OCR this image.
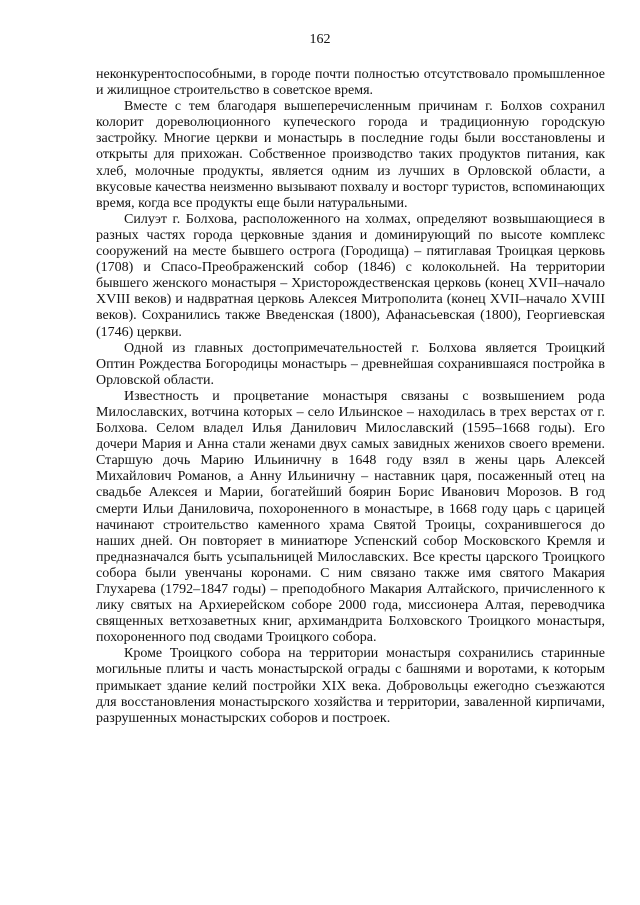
162

неконкурентоспособными, в городе почти полностью отсутствовало промышленное и жилищное строительство в советское время.

Вместе с тем благодаря вышеперечисленным причинам г. Болхов сохранил колорит дореволюционного купеческого города и традиционную городскую застройку. Многие церкви и монастырь в последние годы были восстановлены и открыты для прихожан. Собственное производство таких продуктов питания, как хлеб, молочные продукты, является одним из лучших в Орловской области, а вкусовые качества неизменно вызывают похвалу и восторг туристов, вспоминающих время, когда все продукты еще были натуральными.

Силуэт г. Болхова, расположенного на холмах, определяют возвышающиеся в разных частях города церковные здания и доминирующий по высоте комплекс сооружений на месте бывшего острога (Городища) – пятиглавая Троицкая церковь (1708) и Спасо-Преображенский собор (1846) с колокольней. На территории бывшего женского монастыря – Христорождественская церковь (конец XVII–начало XVIII веков) и надвратная церковь Алексея Митрополита (конец XVII–начало XVIII веков). Сохранились также Введенская (1800), Афанасьевская (1800), Георгиевская (1746) церкви.

Одной из главных достопримечательностей г. Болхова является Троицкий Оптин Рождества Богородицы монастырь – древнейшая сохранившаяся постройка в Орловской области.

Известность и процветание монастыря связаны с возвышением рода Милославских, вотчина которых – село Ильинское – находилась в трех верстах от г. Болхова. Селом владел Илья Данилович Милославский (1595–1668 годы). Его дочери Мария и Анна стали женами двух самых завидных женихов своего времени. Старшую дочь Марию Ильиничну в 1648 году взял в жены царь Алексей Михайлович Романов, а Анну Ильиничну – наставник царя, посаженный отец на свадьбе Алексея и Марии, богатейший боярин Борис Иванович Морозов. В год смерти Ильи Даниловича, похороненного в монастыре, в 1668 году царь с царицей начинают строительство каменного храма Святой Троицы, сохранившегося до наших дней. Он повторяет в миниатюре Успенский собор Московского Кремля и предназначался быть усыпальницей Милославских. Все кресты царского Троицкого собора были увенчаны коронами. С ним связано также имя святого Макария Глухарева (1792–1847 годы) – преподобного Макария Алтайского, причисленного к лику святых на Архиерейском соборе 2000 года, миссионера Алтая, переводчика священных ветхозаветных книг, архимандрита Болховского Троицкого монастыря, похороненного под сводами Троицкого собора.

Кроме Троицкого собора на территории монастыря сохранились старинные могильные плиты и часть монастырской ограды с башнями и воротами, к которым примыкает здание келий постройки XIX века. Добровольцы ежегодно съезжаются для восстановления монастырского хозяйства и территории, заваленной кирпичами, разрушенных монастырских соборов и построек.
